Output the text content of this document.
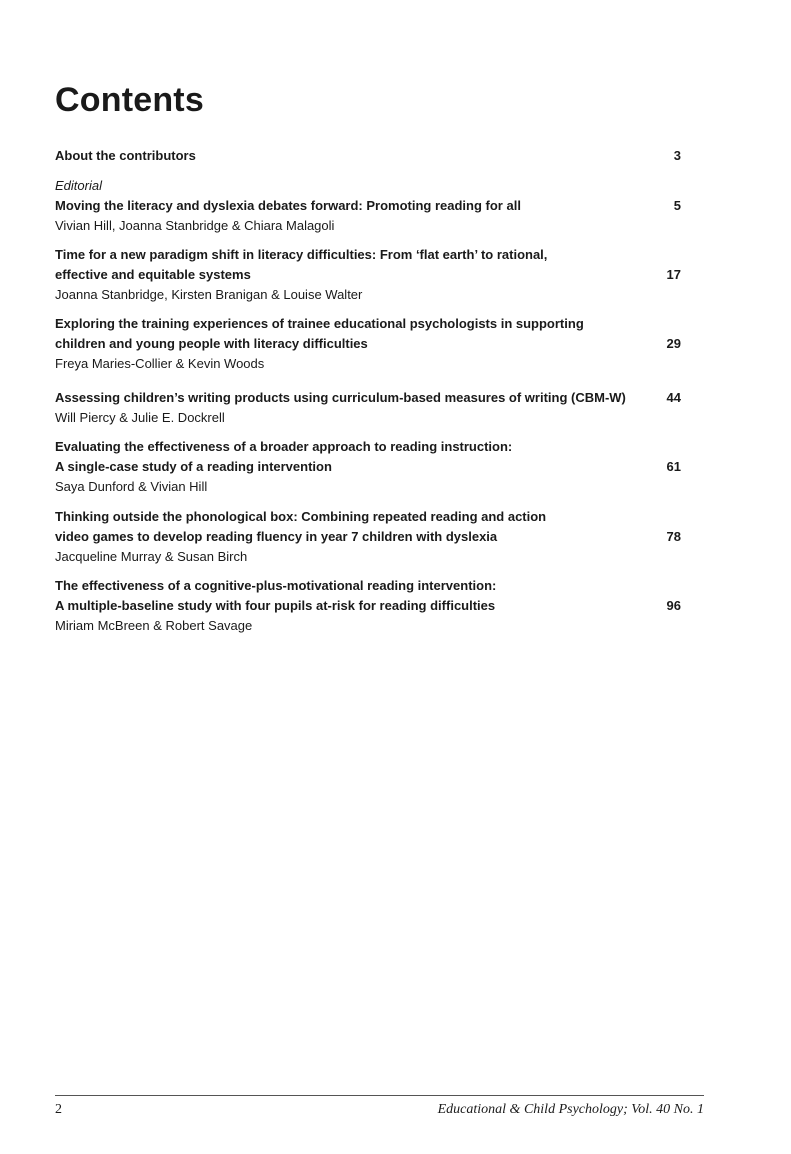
Contents
About the contributors	3
Editorial
Moving the literacy and dyslexia debates forward: Promoting reading for all
Vivian Hill, Joanna Stanbridge & Chiara Malagoli
5
Time for a new paradigm shift in literacy difficulties: From ‘flat earth’ to rational,
effective and equitable systems
Joanna Stanbridge, Kirsten Branigan & Louise Walter
17
Exploring the training experiences of trainee educational psychologists in supporting
children and young people with literacy difficulties
Freya Maries-Collier & Kevin Woods
29
Assessing children’s writing products using curriculum-based measures of writing (CBM-W)
Will Piercy & Julie E. Dockrell
44
Evaluating the effectiveness of a broader approach to reading instruction:
A single-case study of a reading intervention
Saya Dunford & Vivian Hill
61
Thinking outside the phonological box: Combining repeated reading and action
video games to develop reading fluency in year 7 children with dyslexia
Jacqueline Murray & Susan Birch
78
The effectiveness of a cognitive-plus-motivational reading intervention:
A multiple-baseline study with four pupils at-risk for reading difficulties
Miriam McBreen & Robert Savage
96
2	Educational & Child Psychology; Vol. 40 No. 1
